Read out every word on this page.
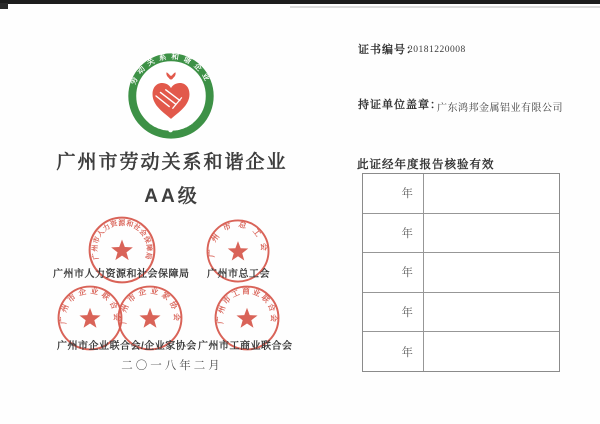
劳动关系和谐企业
«««« ● »»»»
广州市劳动关系和谐企业
AA级
广州市人力资源和社会保障局	广州市总工会
广州市企业联合会
广州市企业家协会	广州市工商业联合会
广州市人力资源和社会保障局 广州市总工会
广州市企业联合会/企业家协会 广州市工商业联合会
二〇一八年二月
证书编号：
20181220008
持证单位盖章：
广东鸿邦金属铝业有限公司
此证经年度报告核验有效
年
年
年
年
年
